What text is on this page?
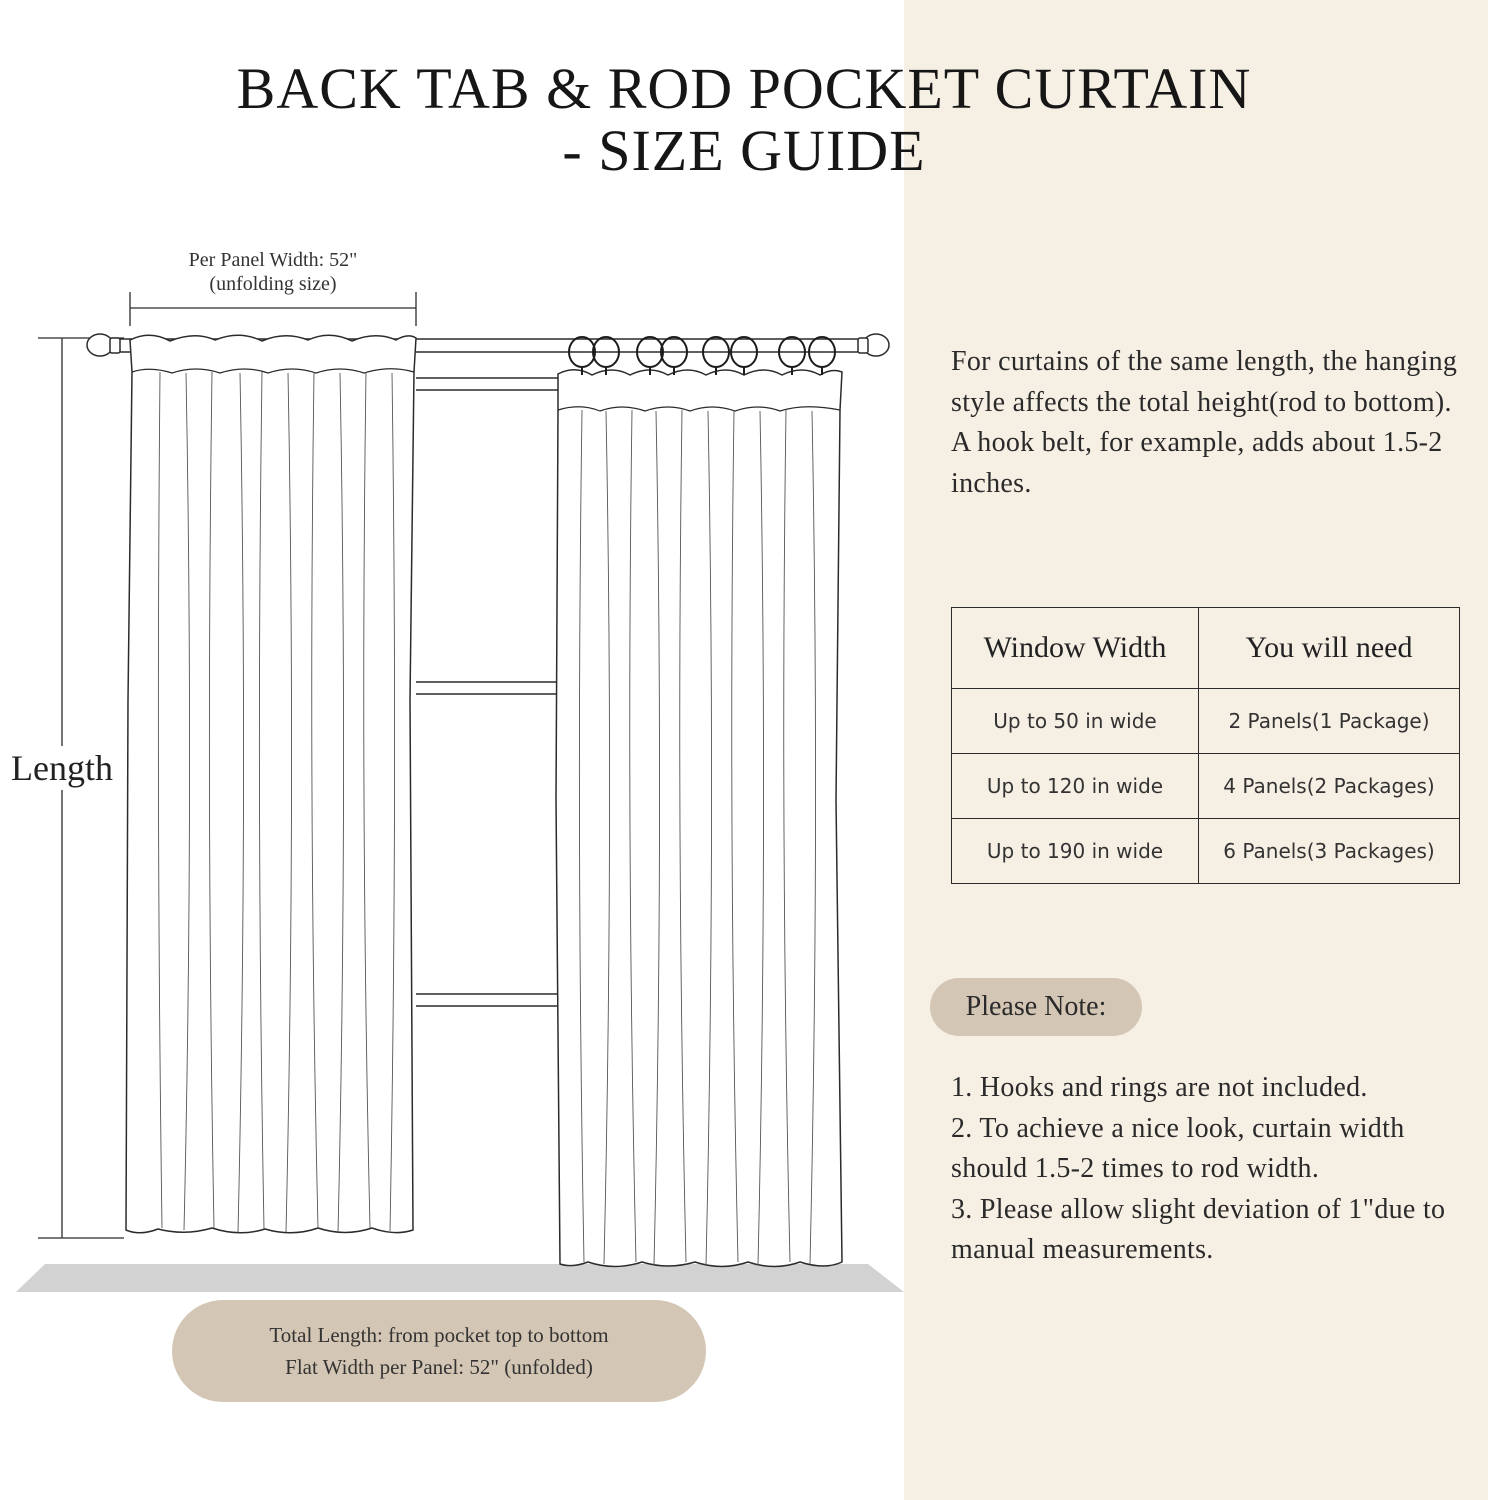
BACK TAB & ROD POCKET CURTAIN
- SIZE GUIDE
Per Panel Width: 52"
(unfolding size)
Length
Total Length: from pocket top to bottom
Flat Width per Panel: 52" (unfolded)
For curtains of the same length, the hanging style affects the total height(rod to bottom). A hook belt, for example, adds about 1.5-2 inches.
Window Width	You will need
Up to 50 in wide	2 Panels(1 Package)
Up to 120 in wide	4 Panels(2 Packages)
Up to 190 in wide	6 Panels(3 Packages)
Please Note:
1. Hooks and rings are not included.
2. To achieve a nice look, curtain width should 1.5-2 times to rod width.
3. Please allow slight deviation of 1"due to manual measurements.
